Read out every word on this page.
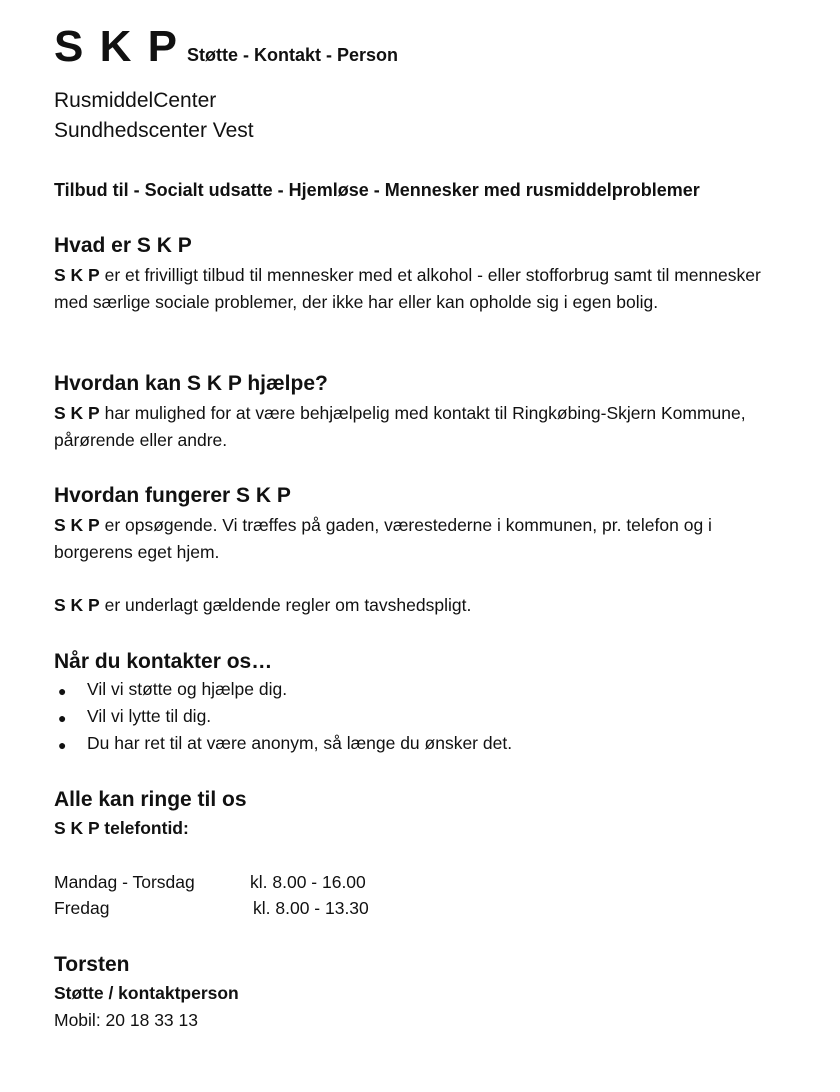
S K P Støtte - Kontakt - Person
RusmiddelCenter
Sundhedscenter Vest
Tilbud til - Socialt udsatte - Hjemløse - Mennesker med rusmiddelproblemer
Hvad er S K P
S K P er et frivilligt tilbud til mennesker med et alkohol - eller stofforbrug samt til mennesker med særlige sociale problemer, der ikke har eller kan opholde sig i egen bolig.
Hvordan kan S K P hjælpe?
S K P har mulighed for at være behjælpelig med kontakt til Ringkøbing-Skjern Kommune, pårørende eller andre.
Hvordan fungerer S K P
S K P er opsøgende. Vi træffes på gaden, værestederne i kommunen, pr. telefon og i borgerens eget hjem.
S K P er underlagt gældende regler om tavshedspligt.
Når du kontakter os…
● Vil vi støtte og hjælpe dig.
● Vil vi lytte til dig.
● Du har ret til at være anonym, så længe du ønsker det.
Alle kan ringe til os
S K P telefontid:
Mandag - Torsdag	kl. 8.00 - 16.00
Fredag	kl. 8.00 - 13.30
Torsten
Støtte / kontaktperson
Mobil: 20 18 33 13
